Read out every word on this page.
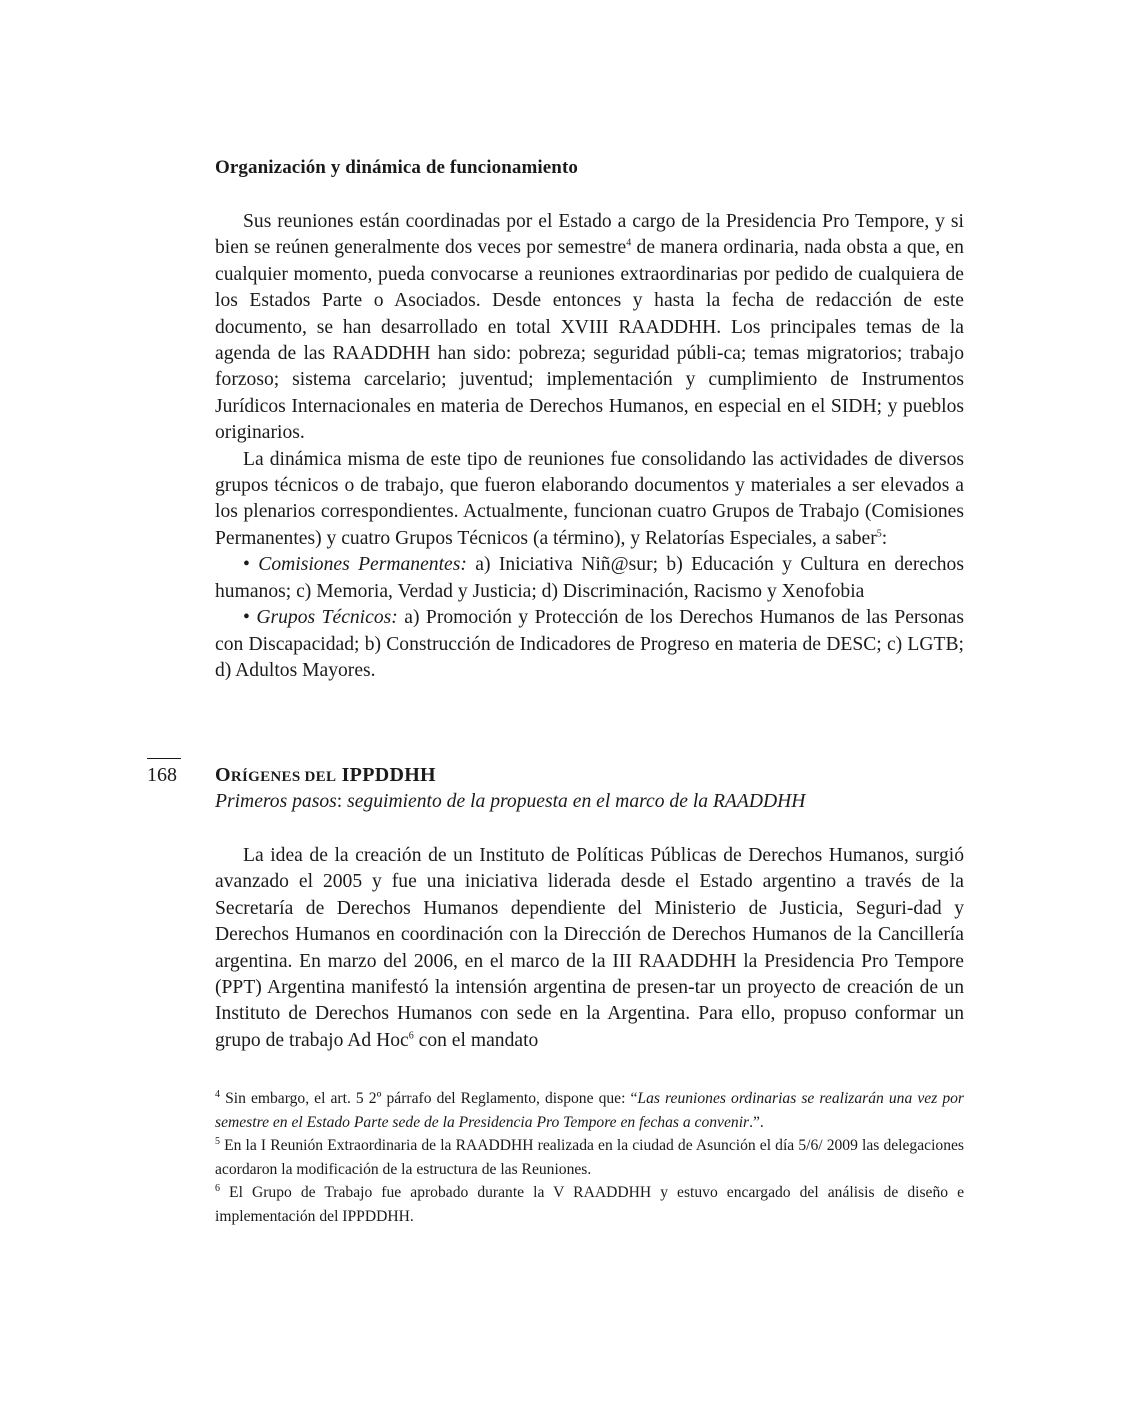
Organización y dinámica de funcionamiento

Sus reuniones están coordinadas por el Estado a cargo de la Presidencia Pro Tempore, y si bien se reúnen generalmente dos veces por semestre$^4$ de manera ordinaria, nada obsta a que, en cualquier momento, pueda convocarse a reuniones extraordinarias por pedido de cualquiera de los Estados Parte o Asociados. Desde entonces y hasta la fecha de redacción de este documento, se han desarrollado en total XVIII RAADDHH. Los principales temas de la agenda de las RAADDHH han sido: pobreza; seguridad públi-ca; temas migratorios; trabajo forzoso; sistema carcelario; juventud; implementación y cumplimiento de Instrumentos Jurídicos Internacionales en materia de Derechos Humanos, en especial en el SIDH; y pueblos originarios.

La dinámica misma de este tipo de reuniones fue consolidando las actividades de diversos grupos técnicos o de trabajo, que fueron elaborando documentos y materiales a ser elevados a los plenarios correspondientes. Actualmente, funcionan cuatro Grupos de Trabajo (Comisiones Permanentes) y cuatro Grupos Técnicos (a término), y Relatorías Especiales, a saber$^5$:

• Comisiones Permanentes: a) Iniciativa Niñ@sur; b) Educación y Cultura en derechos humanos; c) Memoria, Verdad y Justicia; d) Discriminación, Racismo y Xenofobia

• Grupos Técnicos: a) Promoción y Protección de los Derechos Humanos de las Personas con Discapacidad; b) Construcción de Indicadores de Progreso en materia de DESC; c) LGTB; d) Adultos Mayores.

168 ORÍGENES DEL IPPDDHH
Primeros pasos: seguimiento de la propuesta en el marco de la RAADDHH

La idea de la creación de un Instituto de Políticas Públicas de Derechos Humanos, surgió avanzado el 2005 y fue una iniciativa liderada desde el Estado argentino a través de la Secretaría de Derechos Humanos dependiente del Ministerio de Justicia, Seguri-dad y Derechos Humanos en coordinación con la Dirección de Derechos Humanos de la Cancillería argentina. En marzo del 2006, en el marco de la III RAADDHH la Presidencia Pro Tempore (PPT) Argentina manifestó la intensión argentina de presen-tar un proyecto de creación de un Instituto de Derechos Humanos con sede en la Argentina. Para ello, propuso conformar un grupo de trabajo Ad Hoc$^6$ con el mandato

$^4$ Sin embargo, el art. 5 2º párrafo del Reglamento, dispone que: “Las reuniones ordinarias se realizarán una vez por semestre en el Estado Parte sede de la Presidencia Pro Tempore en fechas a convenir.”.

$^5$ En la I Reunión Extraordinaria de la RAADDHH realizada en la ciudad de Asunción el día 5/6/ 2009 las delegaciones acordaron la modificación de la estructura de las Reuniones.

$^6$ El Grupo de Trabajo fue aprobado durante la V RAADDHH y estuvo encargado del análisis de diseño e implementación del IPPDDHH.
